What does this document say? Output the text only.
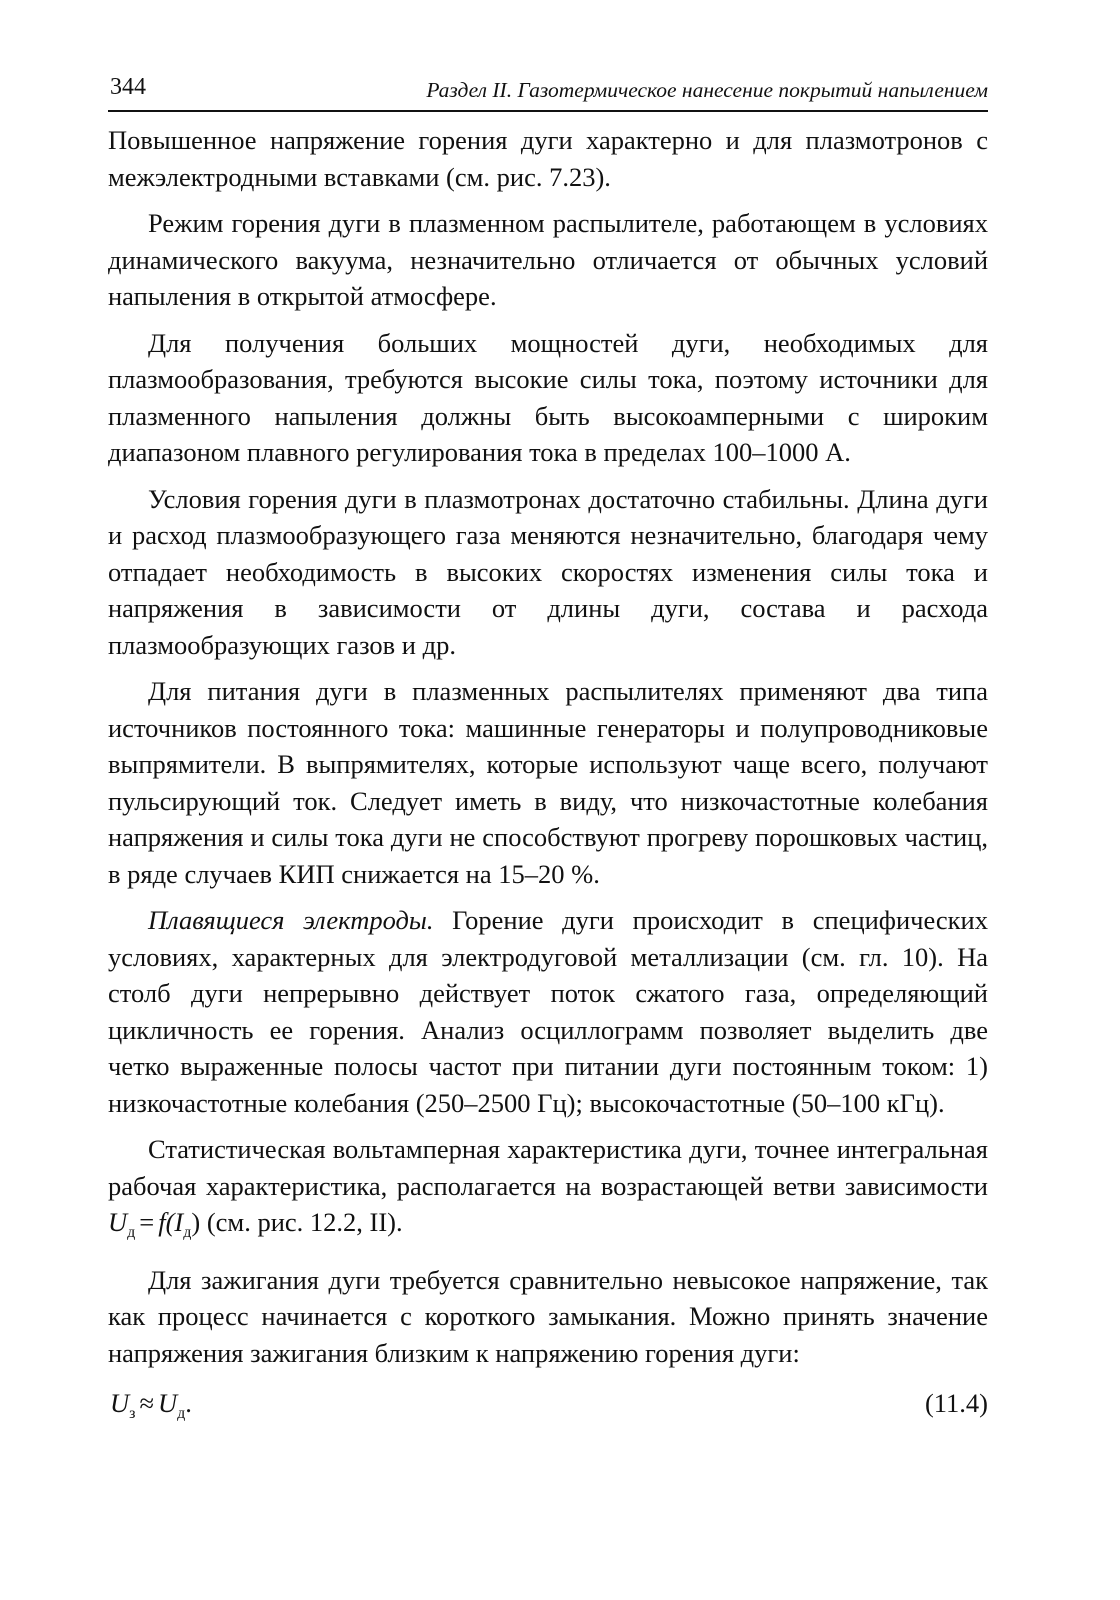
344	Раздел II. Газотермическое нанесение покрытий напылением

Повышенное напряжение горения дуги характерно и для плазмотронов с межэлектродными вставками (см. рис. 7.23).

Режим горения дуги в плазменном распылителе, работающем в условиях динамического вакуума, незначительно отличается от обычных условий напыления в открытой атмосфере.

Для получения больших мощностей дуги, необходимых для плазмообразования, требуются высокие силы тока, поэтому источники для плазменного напыления должны быть высокоамперными с широким диапазоном плавного регулирования тока в пределах 100–1000 А.

Условия горения дуги в плазмотронах достаточно стабильны. Длина дуги и расход плазмообразующего газа меняются незначительно, благодаря чему отпадает необходимость в высоких скоростях изменения силы тока и напряжения в зависимости от длины дуги, состава и расхода плазмообразующих газов и др.

Для питания дуги в плазменных распылителях применяют два типа источников постоянного тока: машинные генераторы и полупроводниковые выпрямители. В выпрямителях, которые используют чаще всего, получают пульсирующий ток. Следует иметь в виду, что низкочастотные колебания напряжения и силы тока дуги не способствуют прогреву порошковых частиц, в ряде случаев КИП снижается на 15–20 %.

Плавящиеся электроды. Горение дуги происходит в специфических условиях, характерных для электродуговой металлизации (см. гл. 10). На столб дуги непрерывно действует поток сжатого газа, определяющий цикличность ее горения. Анализ осциллограмм позволяет выделить две четко выраженные полосы частот при питании дуги постоянным током: 1) низкочастотные колебания (250–2500 Гц); высокочастотные (50–100 кГц).

Статистическая вольтамперная характеристика дуги, точнее интегральная рабочая характеристика, располагается на возрастающей ветви зависимости $U_д = f(I_д)$ (см. рис. 12.2, II).

Для зажигания дуги требуется сравнительно невысокое напряжение, так как процесс начинается с короткого замыкания. Можно принять значение напряжения зажигания близким к напряжению горения дуги:

$U_з \approx U_д$.	(11.4)
